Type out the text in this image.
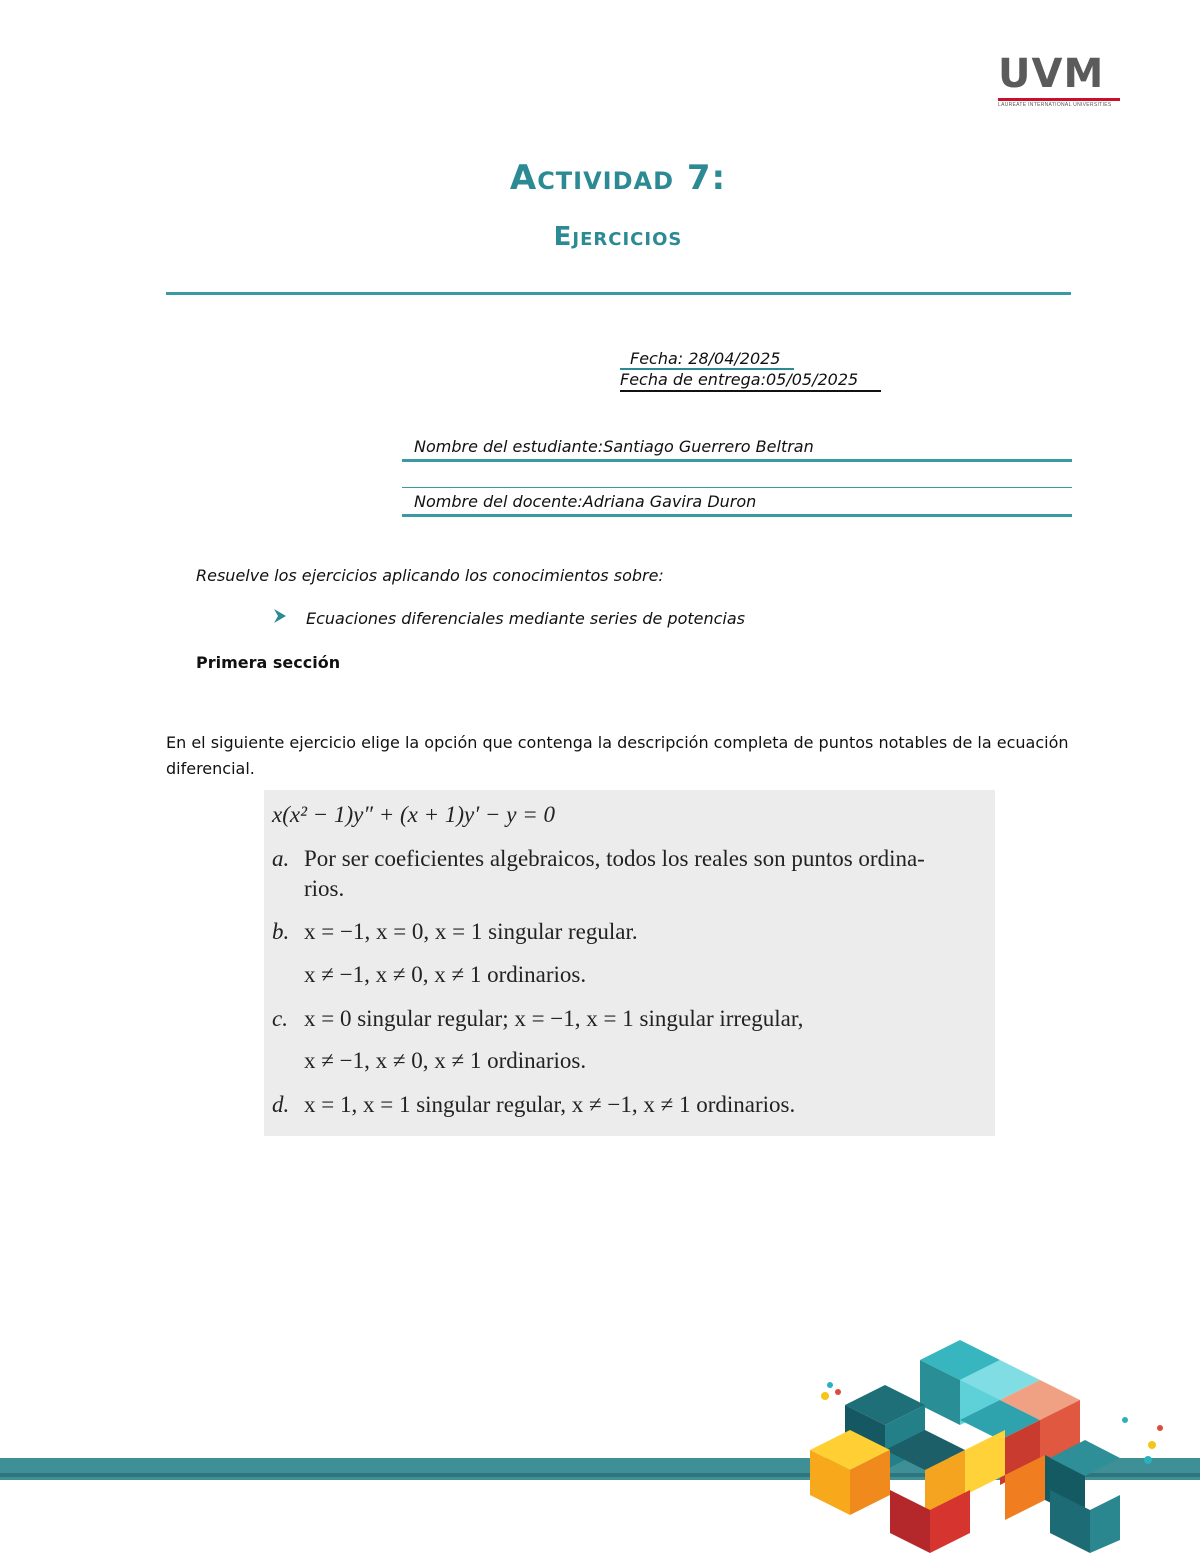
UVM
LAUREATE INTERNATIONAL UNIVERSITIES
Actividad 7:
Ejercicios
Fecha: 28/04/2025
Fecha de entrega:05/05/2025
Nombre del estudiante:Santiago Guerrero Beltran
Nombre del docente:Adriana Gavira Duron
Resuelve los ejercicios aplicando los conocimientos sobre:
Ecuaciones diferenciales mediante series de potencias
Primera sección
En el siguiente ejercicio elige la opción que contenga la descripción completa de puntos notables de la ecuación diferencial.
x(x² − 1)y″ + (x + 1)y′ − y = 0
a. Por ser coeficientes algebraicos, todos los reales son puntos ordina-
rios.
b. x = −1, x = 0, x = 1 singular regular.
x ≠ −1, x ≠ 0, x ≠ 1 ordinarios.
c. x = 0 singular regular; x = −1, x = 1 singular irregular,
x ≠ −1, x ≠ 0, x ≠ 1 ordinarios.
d. x = 1, x = 1 singular regular, x ≠ −1, x ≠ 1 ordinarios.
